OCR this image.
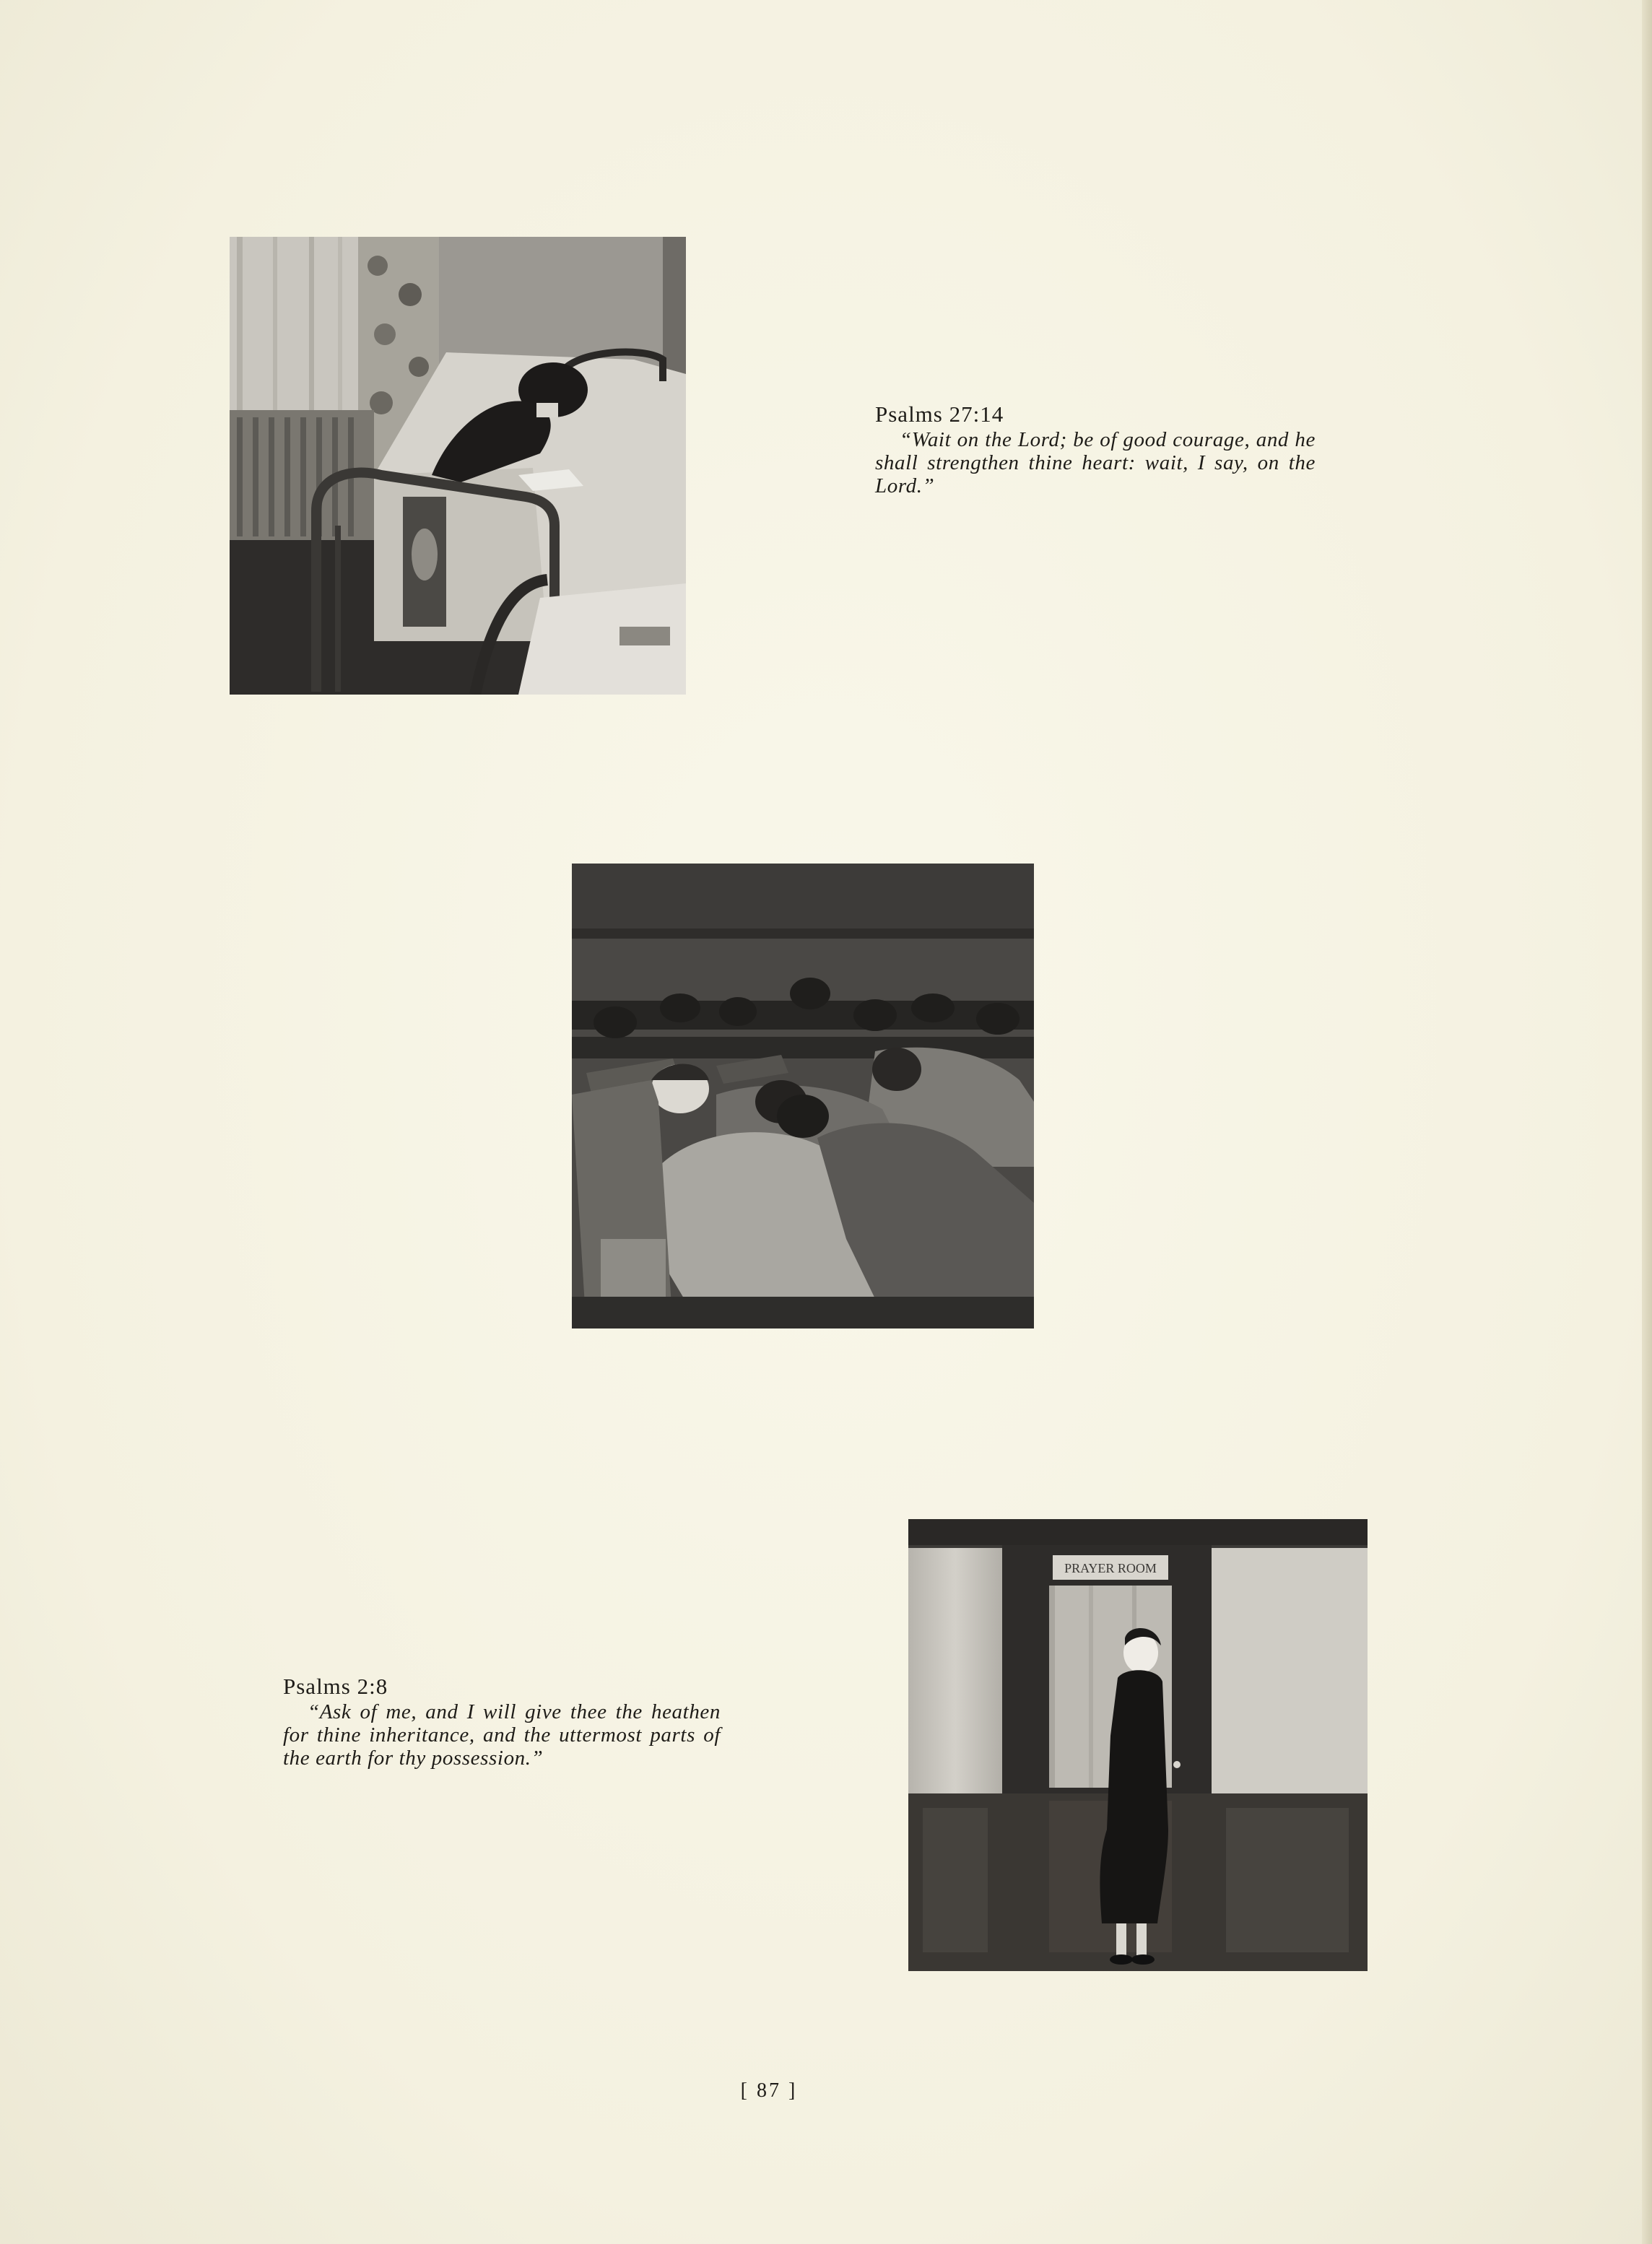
Psalms 27:14

“Wait on the Lord; be of good courage, and he shall strengthen thine heart: wait, I say, on the Lord.”

Psalms 2:8

“Ask of me, and I will give thee the heathen for thine inheritance, and the uttermost parts of the earth for thy possession.”

PRAYER ROOM
[ 87 ]
